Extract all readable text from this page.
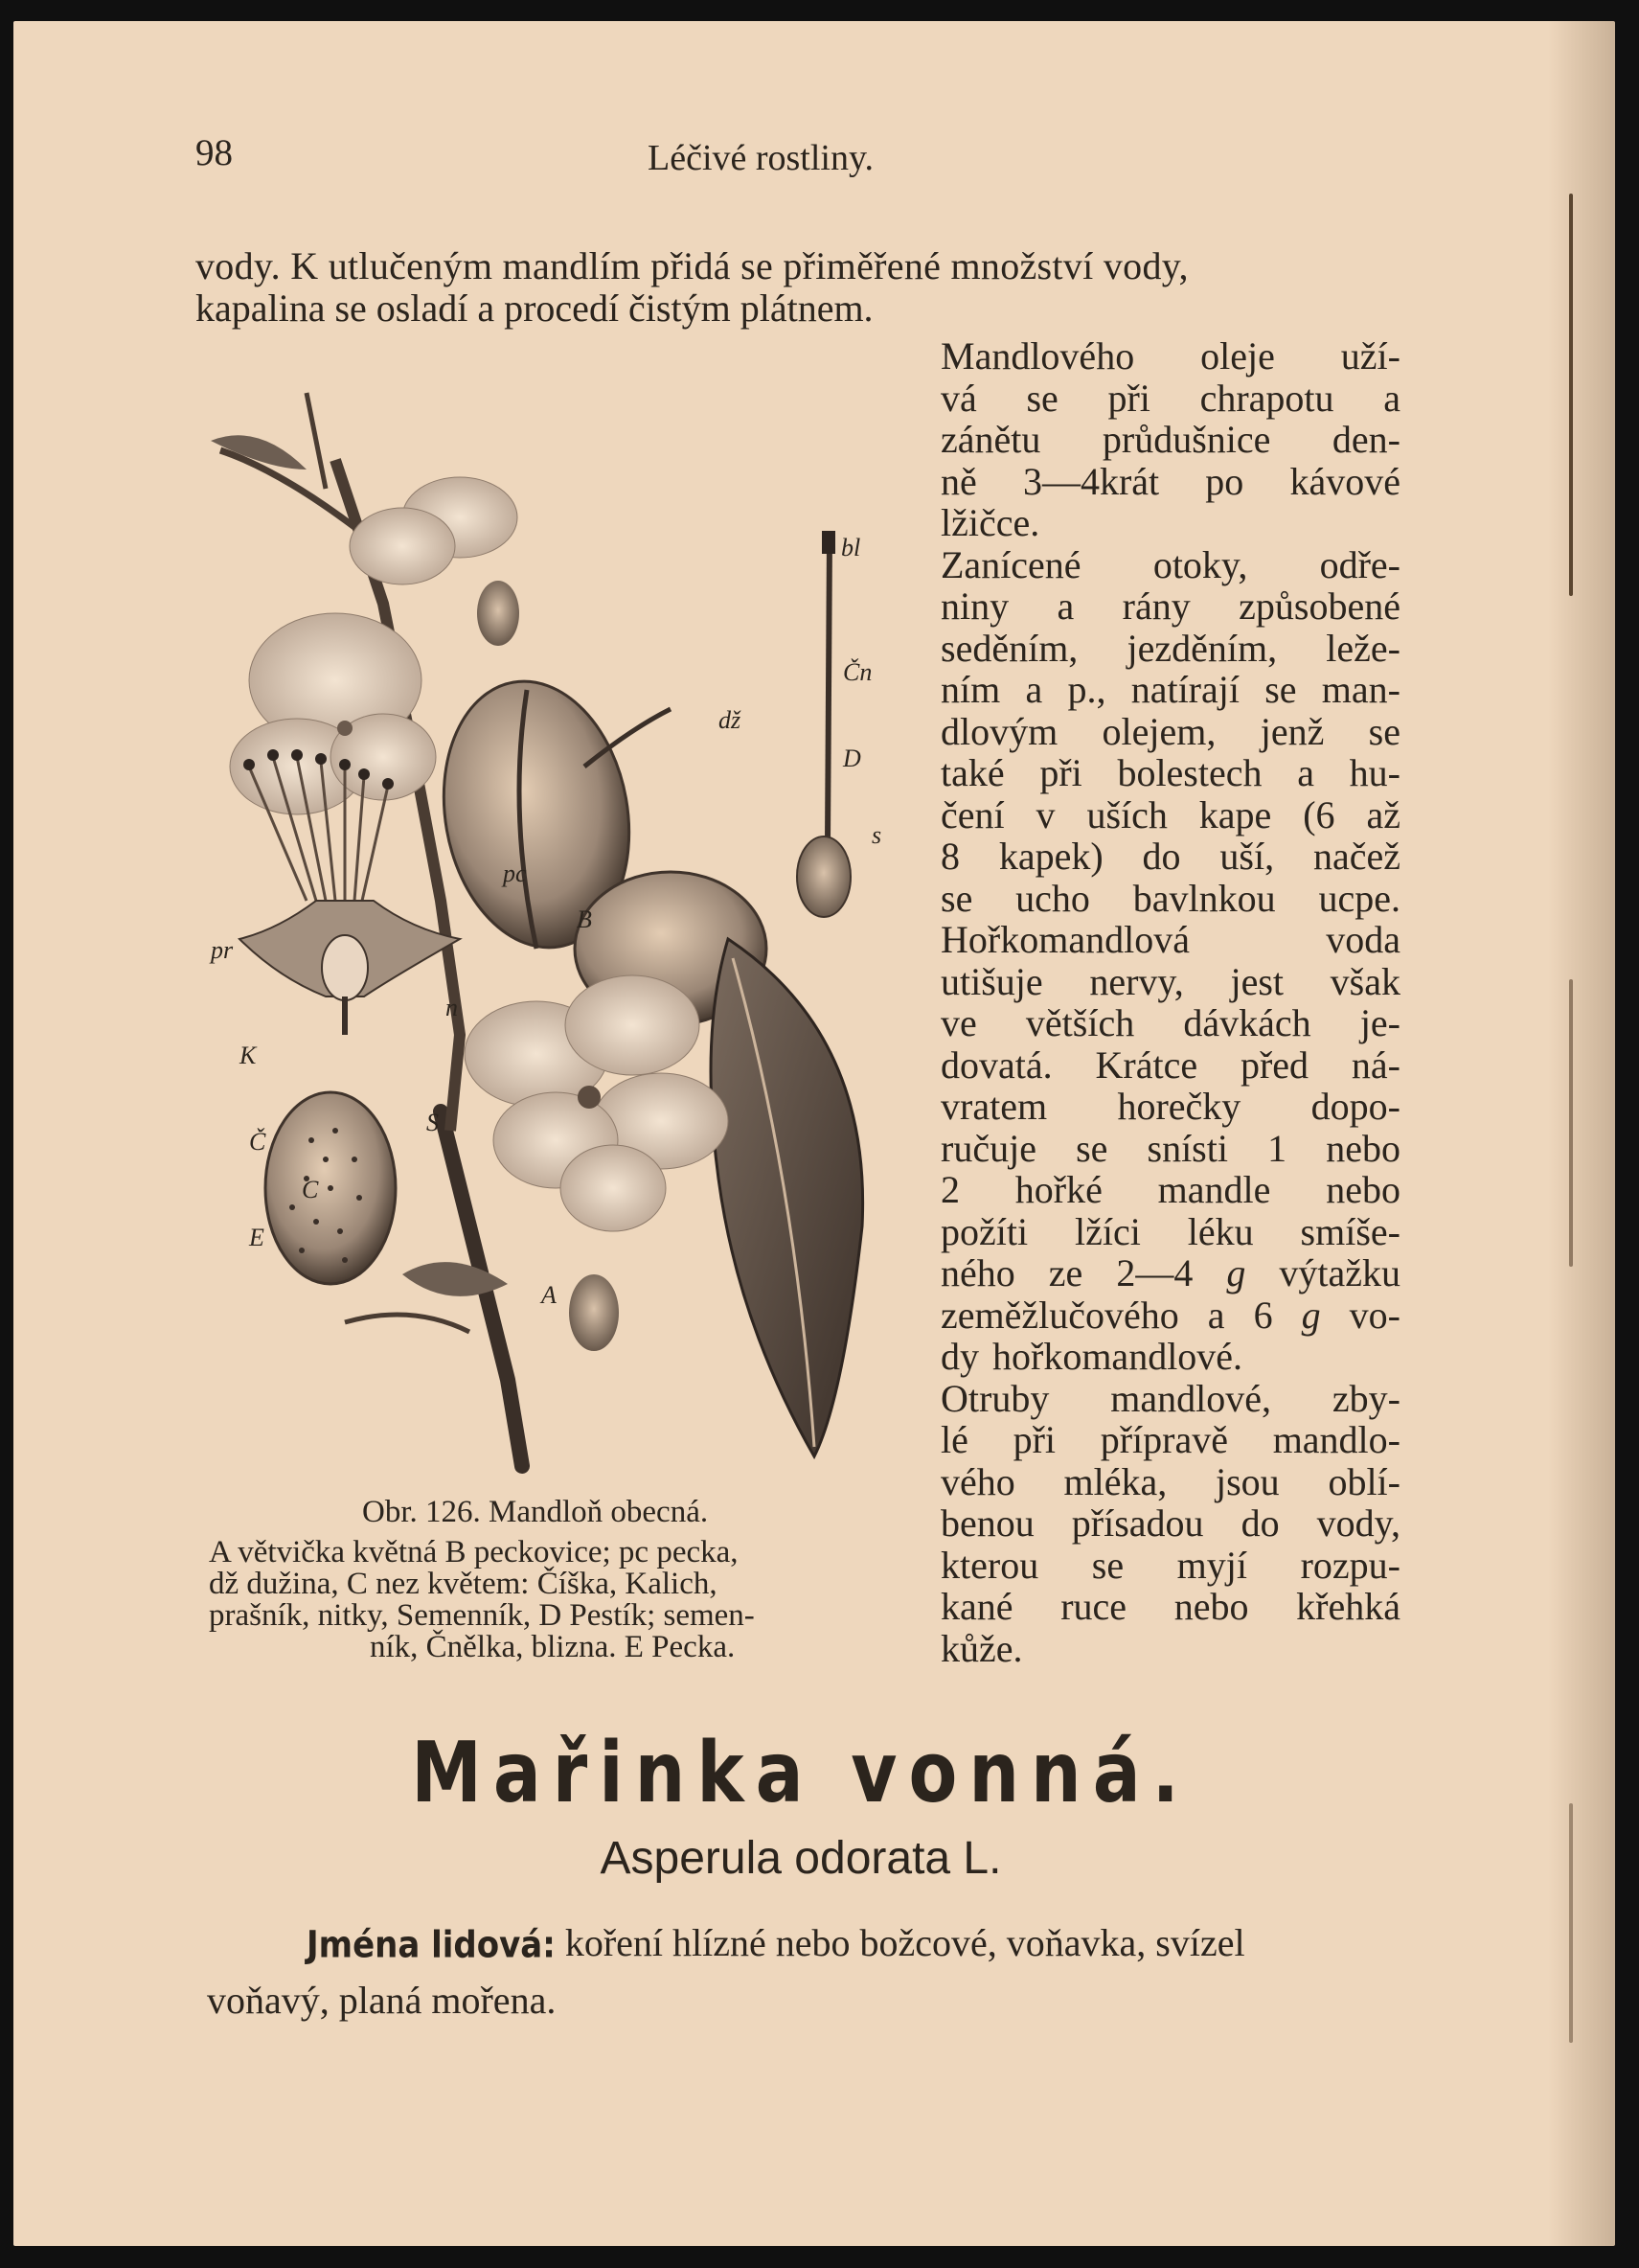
98	Léčivé rostliny.
vody. K utlučeným mandlím přidá se přiměřené množství vody,
kapalina se osladí a procedí čistým plátnem.
Mandlového oleje uží-
vá se při chrapotu a
zánětu průdušnice den-
ně 3—4krát po kávové
lžičce.
Zanícené otoky, odře-
niny a rány způsobené
seděním, jezděním, leže-
ním a p., natírají se man-
dlovým olejem, jenž se
také při bolestech a hu-
čení v uších kape (6 až
8 kapek) do uší, načež
se ucho bavlnkou ucpe.
Hořkomandlová	voda
utišuje nervy, jest však
ve větších dávkách je-
dovatá. Krátce před ná-
vratem horečky dopo-
ručuje se snísti 1 nebo
2 hořké mandle nebo
požíti lžíci léku smíše-
ného ze 2—4 g výtažku
zeměžlučového a 6 g vo-
dy hořkomandlové.
Otruby mandlové, zby-
lé při přípravě mandlo-
vého mléka, jsou oblí-
benou přísadou do vody,
kterou se myjí rozpu-
kané ruce nebo křehká
kůže.
bl
Čn
D
s
dž
pc
B
pr
n
K
Č
S
C
E
A
Obr. 126. Mandloň obecná.
A větvička květná B peckovice; pc pecka,
dž dužina, C nez květem: Číška, Kalich,
prašník, nitky, Semenník, D Pestík; semen-
ník, Čnělka, blizna. E Pecka.
Mařinka vonná.
Asperula odorata L.
Jména lidová: koření hlízné nebo božcové, voňavka, svízel
voňavý, planá mořena.
